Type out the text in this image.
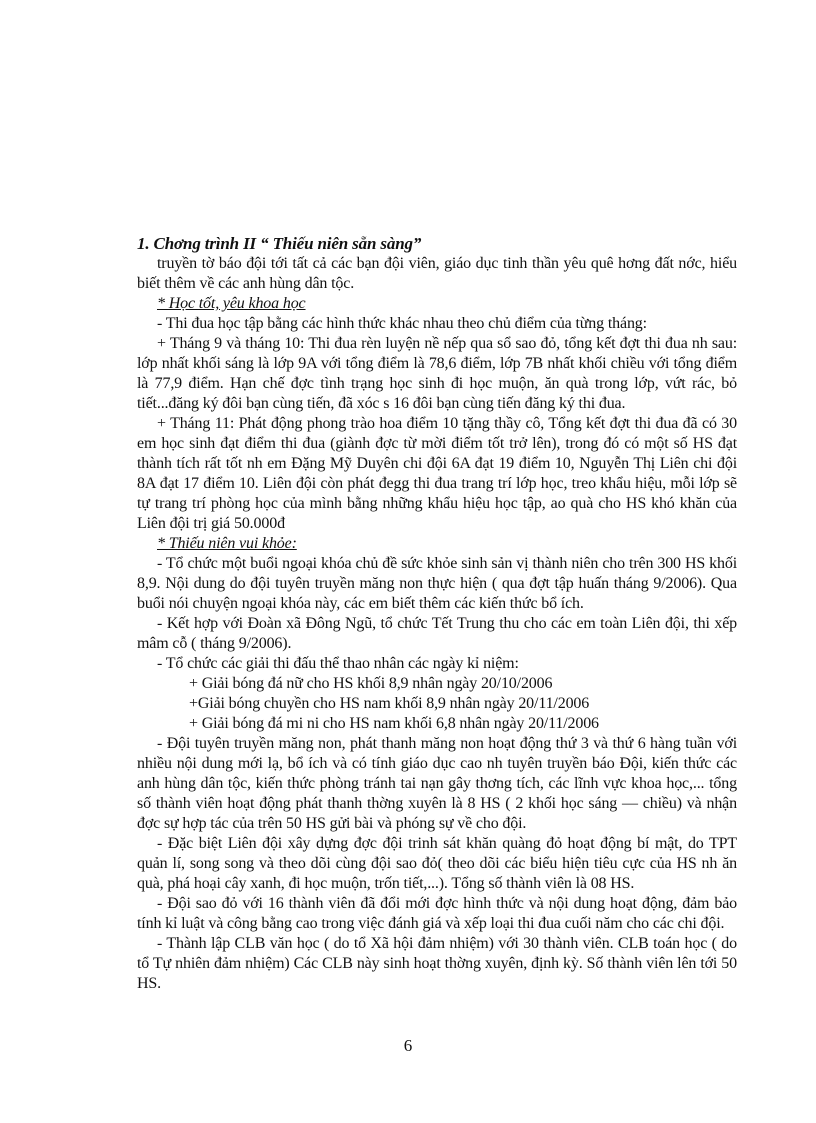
1. Chơng trình II “ Thiếu niên sẵn sàng”

truyền tờ báo đội tới tất cả các bạn đội viên, giáo dục tinh thần yêu quê hơng đất nớc, hiểu biết thêm về các anh hùng dân tộc.

* Học tốt, yêu khoa học

- Thi đua học tập bằng các hình thức khác nhau theo chủ điểm của từng tháng:

+ Tháng 9 và tháng 10: Thi đua rèn luyện nề nếp qua sổ sao đỏ, tổng kết đợt thi đua nh sau: lớp nhất khối sáng là lớp 9A với tổng điểm là 78,6 điểm, lớp 7B nhất khối chiều với tổng điểm là 77,9 điểm. Hạn chế đợc tình trạng học sinh đi học muộn, ăn quà trong lớp, vứt rác, bỏ tiết...đăng ký đôi bạn cùng tiến, đã xóc s 16 đôi bạn cùng tiến đăng ký thi đua.

+ Tháng 11: Phát động phong trào hoa điểm 10 tặng thầy cô, Tổng kết đợt thi đua đã có 30 em học sinh đạt điểm thi đua (giành đợc từ mời điểm tốt trở lên), trong đó có một số HS đạt thành tích rất tốt nh em Đặng Mỹ Duyên chi đội 6A đạt 19 điểm 10, Nguyễn Thị Liên chi đội 8A đạt 17 điểm 10. Liên đội còn phát đegg thi đua trang trí lớp học, treo khẩu hiệu, mỗi lớp sẽ tự trang trí phòng học của mình bằng những khẩu hiệu học tập, ao quà cho HS khó khăn của Liên đội trị giá 50.000đ

* Thiếu niên vui khỏe:

- Tổ chức một buổi ngoại khóa chủ đề sức khỏe sinh sản vị thành niên cho trên 300 HS khối 8,9. Nội dung do đội tuyên truyền măng non thực hiện ( qua đợt tập huấn tháng 9/2006). Qua buổi nói chuyện ngoại khóa này, các em biết thêm các kiến thức bổ ích.

- Kết hợp với Đoàn xã Đông Ngũ, tổ chức Tết Trung thu cho các em toàn Liên đội, thi xếp mâm cỗ ( tháng 9/2006).

- Tổ chức các giải thi đấu thể thao nhân các ngày kỉ niệm:

+ Giải bóng đá nữ cho HS khối 8,9 nhân ngày 20/10/2006

+Giải bóng chuyền cho HS nam khối 8,9 nhân ngày 20/11/2006

+ Giải bóng đá mi ni cho HS nam khối 6,8 nhân ngày 20/11/2006

- Đội tuyên truyền măng non, phát thanh măng non hoạt động thứ 3 và thứ 6 hàng tuần với nhiều nội dung mới lạ, bổ ích và có tính giáo dục cao nh tuyên truyền báo Đội, kiến thức các anh hùng dân tộc, kiến thức phòng tránh tai nạn gây thơng tích, các lĩnh vực khoa học,... tổng số thành viên hoạt động phát thanh thờng xuyên là 8 HS ( 2 khối học sáng — chiều) và nhận đợc sự hợp tác của trên 50 HS gửi bài và phóng sự về cho đội.

- Đặc biệt Liên đội xây dựng đợc đội trinh sát khăn quàng đỏ hoạt động bí mật, do TPT quản lí, song song và theo dõi cùng đội sao đỏ( theo dõi các biểu hiện tiêu cực của HS nh ăn quà, phá hoại cây xanh, đi học muộn, trốn tiết,...). Tổng số thành viên là 08 HS.

- Đội sao đỏ với 16 thành viên đã đổi mới đợc hình thức và nội dung hoạt động, đảm bảo tính kỉ luật và công bằng cao trong việc đánh giá và xếp loại thi đua cuối năm cho các chi đội.

- Thành lập CLB văn học ( do tổ Xã hội đảm nhiệm) với 30 thành viên. CLB toán học ( do tổ Tự nhiên đảm nhiệm) Các CLB này sinh hoạt thờng xuyên, định kỳ. Số thành viên lên tới 50 HS.

6
